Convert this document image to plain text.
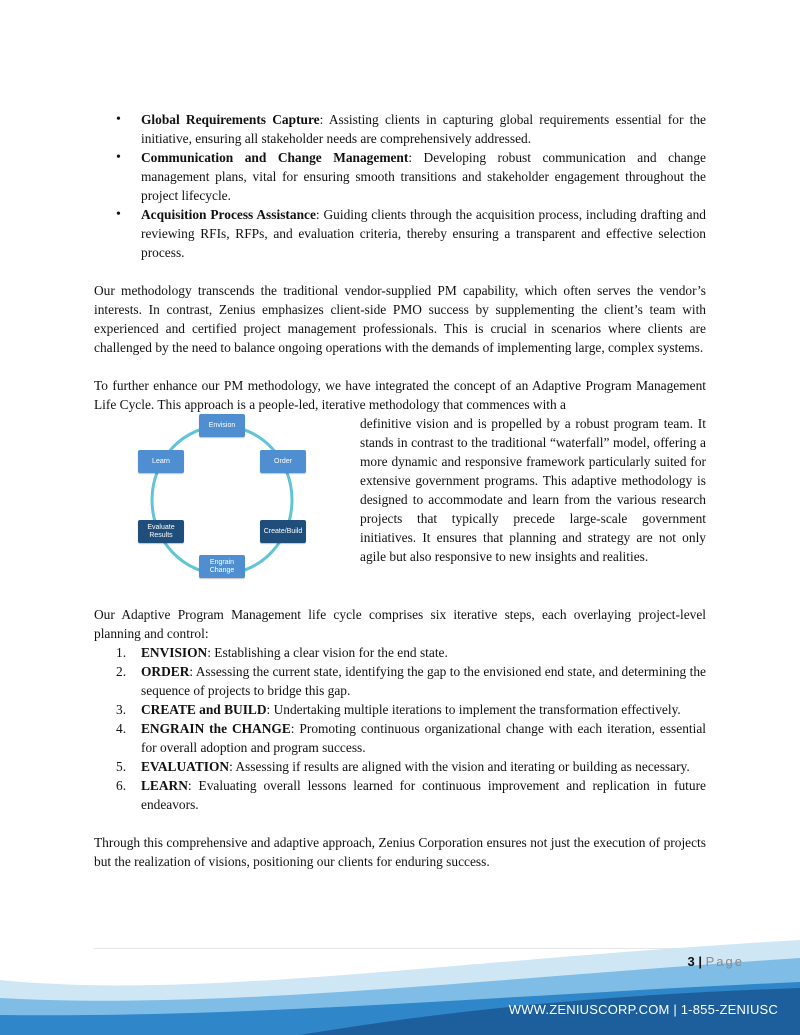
• Global Requirements Capture: Assisting clients in capturing global requirements essential for the initiative, ensuring all stakeholder needs are comprehensively addressed.
• Communication and Change Management: Developing robust communication and change management plans, vital for ensuring smooth transitions and stakeholder engagement throughout the project lifecycle.
• Acquisition Process Assistance: Guiding clients through the acquisition process, including drafting and reviewing RFIs, RFPs, and evaluation criteria, thereby ensuring a transparent and effective selection process.

Our methodology transcends the traditional vendor-supplied PM capability, which often serves the vendor’s interests. In contrast, Zenius emphasizes client-side PMO success by supplementing the client’s team with experienced and certified project management professionals. This is crucial in scenarios where clients are challenged by the need to balance ongoing operations with the demands of implementing large, complex systems.

To further enhance our PM methodology, we have integrated the concept of an Adaptive Program Management Life Cycle. This approach is a people-led, iterative methodology that commences with a

Envision
Order
Create/Build
Engrain Change
Evaluate Results
Learn

definitive vision and is propelled by a robust program team. It stands in contrast to the traditional “waterfall” model, offering a more dynamic and responsive framework particularly suited for extensive government programs. This adaptive methodology is designed to accommodate and learn from the various research projects that typically precede large-scale government initiatives. It ensures that planning and strategy are not only agile but also responsive to new insights and realities.

Our Adaptive Program Management life cycle comprises six iterative steps, each overlaying project-level planning and control:

1. ENVISION: Establishing a clear vision for the end state.
2. ORDER: Assessing the current state, identifying the gap to the envisioned end state, and determining the sequence of projects to bridge this gap.
3. CREATE and BUILD: Undertaking multiple iterations to implement the transformation effectively.
4. ENGRAIN the CHANGE: Promoting continuous organizational change with each iteration, essential for overall adoption and program success.
5. EVALUATION: Assessing if results are aligned with the vision and iterating or building as necessary.
6. LEARN: Evaluating overall lessons learned for continuous improvement and replication in future endeavors.

Through this comprehensive and adaptive approach, Zenius Corporation ensures not just the execution of projects but the realization of visions, positioning our clients for enduring success.

3 | Page
WWW.ZENIUSCORP.COM | 1-855-ZENIUSC
